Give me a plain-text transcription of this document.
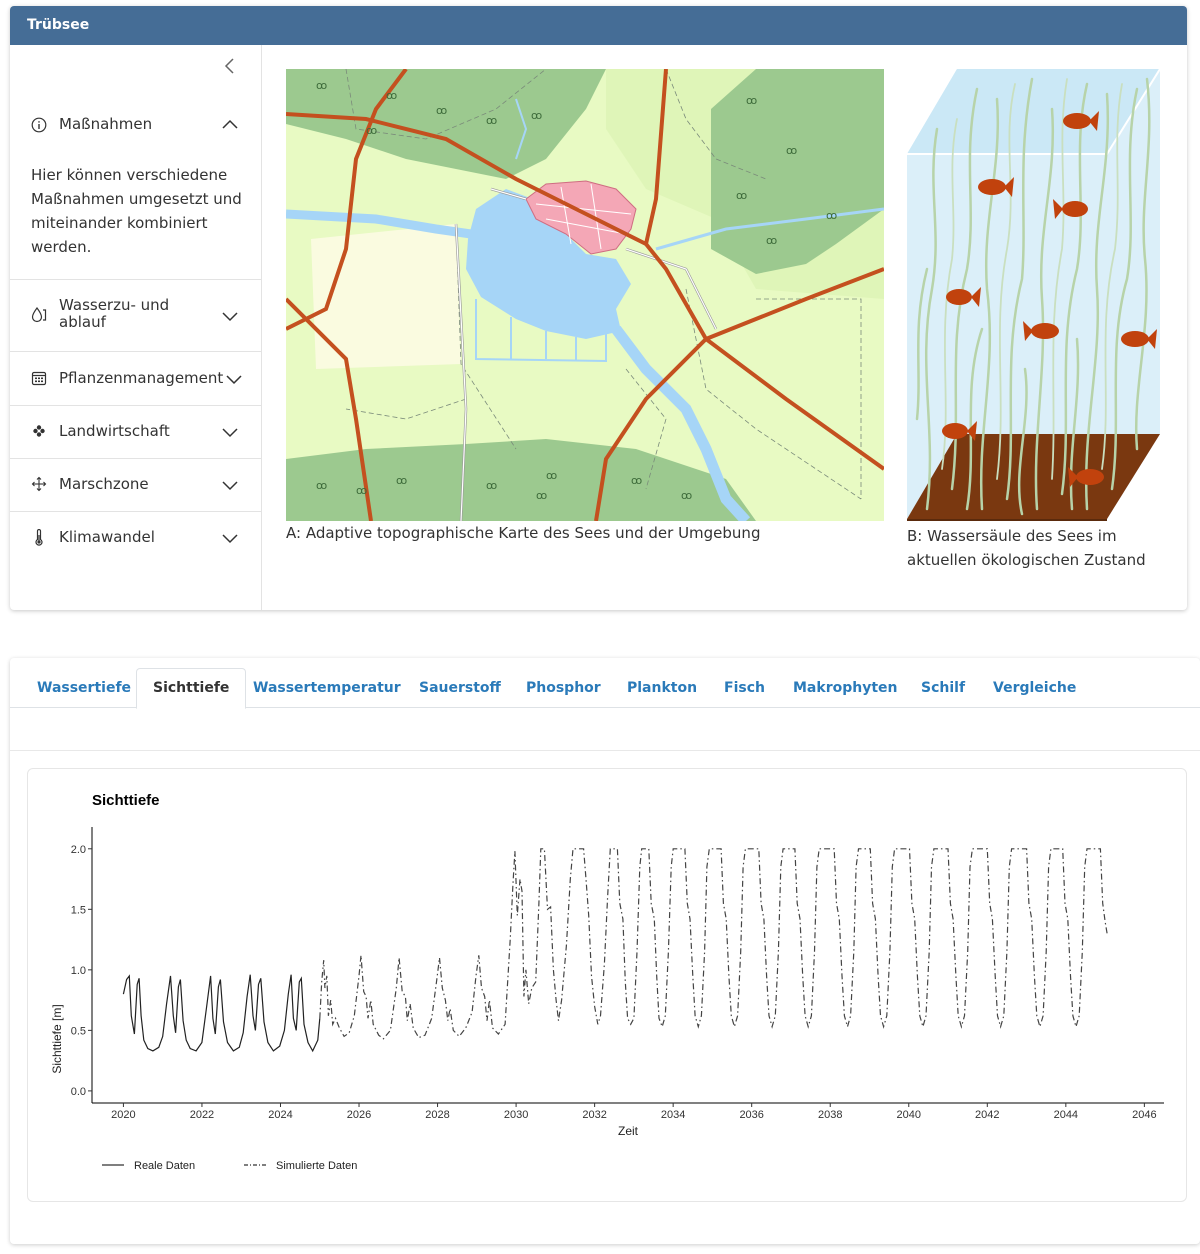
Trübsee
Maßnahmen
Hier können verschiedene Maßnahmen umgesetzt und miteinander kombiniert werden.
Wasserzu- und ablauf
Pflanzenmanagement
Landwirtschaft
Marschzone
Klimawandel
ꝏ
ꝏ
ꝏ
ꝏ	ꝏ
ꝏ
ꝏ
ꝏ
ꝏ
ꝏ
ꝏ
ꝏ	ꝏ	ꝏ
ꝏ	ꝏ
ꝏ	ꝏ	ꝏ
A: Adaptive topographische Karte des Sees und der Umgebung	B: Wassersäule des Sees im aktuellen ökologischen Zustand
Wassertiefe	Sichttiefe	Wassertemperatur	Sauerstoff	Phosphor	Plankton	Fisch	Makrophyten	Schilf	Vergleiche
Sichttiefe
2020	2022	2024	2026	2028	2030	2032	2034	2036	2038	2040	2042	2044	2046
0.0
0.5
1.0
1.5
2.0
Zeit
Sichttiefe [m]
Reale Daten	Simulierte Daten
